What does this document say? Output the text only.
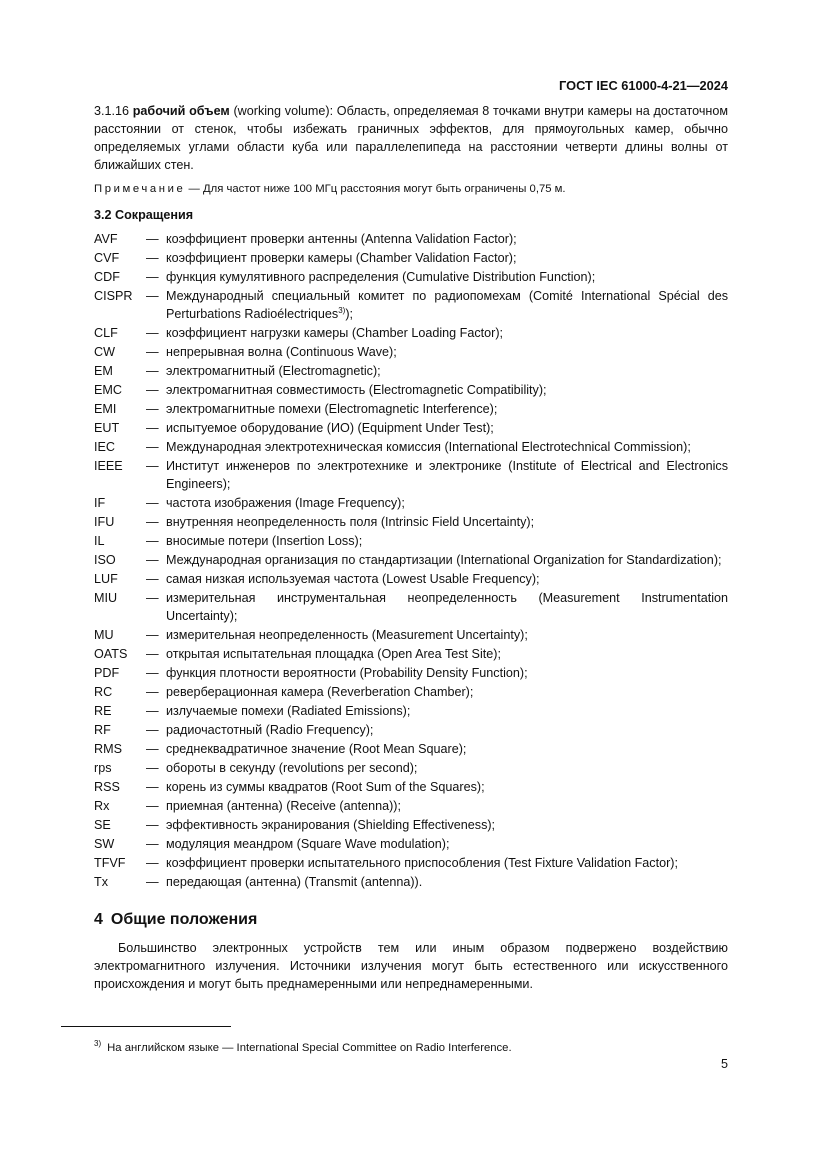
ГОСТ IEC 61000-4-21—2024
3.1.16 рабочий объем (working volume): Область, определяемая 8 точками внутри камеры на достаточном расстоянии от стенок, чтобы избежать граничных эффектов, для прямоугольных камер, обычно определяемых углами области куба или параллелепипеда на расстоянии четверти длины волны от ближайших стен.
Примечание — Для частот ниже 100 МГц расстояния могут быть ограничены 0,75 м.
3.2 Сокращения
AVF	— коэффициент проверки антенны (Antenna Validation Factor);
CVF	— коэффициент проверки камеры (Chamber Validation Factor);
CDF	— функция кумулятивного распределения (Cumulative Distribution Function);
CISPR	— Международный специальный комитет по радиопомехам (Comité International Spécial des Perturbations Radioélectriques$^{3)}$);
CLF	— коэффициент нагрузки камеры (Chamber Loading Factor);
CW	— непрерывная волна (Continuous Wave);
EM	— электромагнитный (Electromagnetic);
EMC	— электромагнитная совместимость (Electromagnetic Compatibility);
EMI	— электромагнитные помехи (Electromagnetic Interference);
EUT	— испытуемое оборудование (ИО) (Equipment Under Test);
IEC	— Международная электротехническая комиссия (International Electrotechnical Commission);
IEEE	— Институт инженеров по электротехнике и электронике (Institute of Electrical and Electronics Engineers);
IF	— частота изображения (Image Frequency);
IFU	— внутренняя неопределенность поля (Intrinsic Field Uncertainty);
IL	— вносимые потери (Insertion Loss);
ISO	— Международная организация по стандартизации (International Organization for Standardization);
LUF	— самая низкая используемая частота (Lowest Usable Frequency);
MIU	— измерительная инструментальная неопределенность (Measurement Instrumentation Uncertainty);
MU	— измерительная неопределенность (Measurement Uncertainty);
OATS	— открытая испытательная площадка (Open Area Test Site);
PDF	— функция плотности вероятности (Probability Density Function);
RC	— реверберационная камера (Reverberation Chamber);
RE	— излучаемые помехи (Radiated Emissions);
RF	— радиочастотный (Radio Frequency);
RMS	— среднеквадратичное значение (Root Mean Square);
rps	— обороты в секунду (revolutions per second);
RSS	— корень из суммы квадратов (Root Sum of the Squares);
Rx	— приемная (антенна) (Receive (antenna));
SE	— эффективность экранирования (Shielding Effectiveness);
SW	— модуляция меандром (Square Wave modulation);
TFVF	— коэффициент проверки испытательного приспособления (Test Fixture Validation Factor);
Tx	— передающая (антенна) (Transmit (antenna)).
4 Общие положения
Большинство электронных устройств тем или иным образом подвержено воздействию электромагнитного излучения. Источники излучения могут быть естественного или искусственного происхождения и могут быть преднамеренными или непреднамеренными.
$^{3)}$ На английском языке — International Special Committee on Radio Interference.
5
